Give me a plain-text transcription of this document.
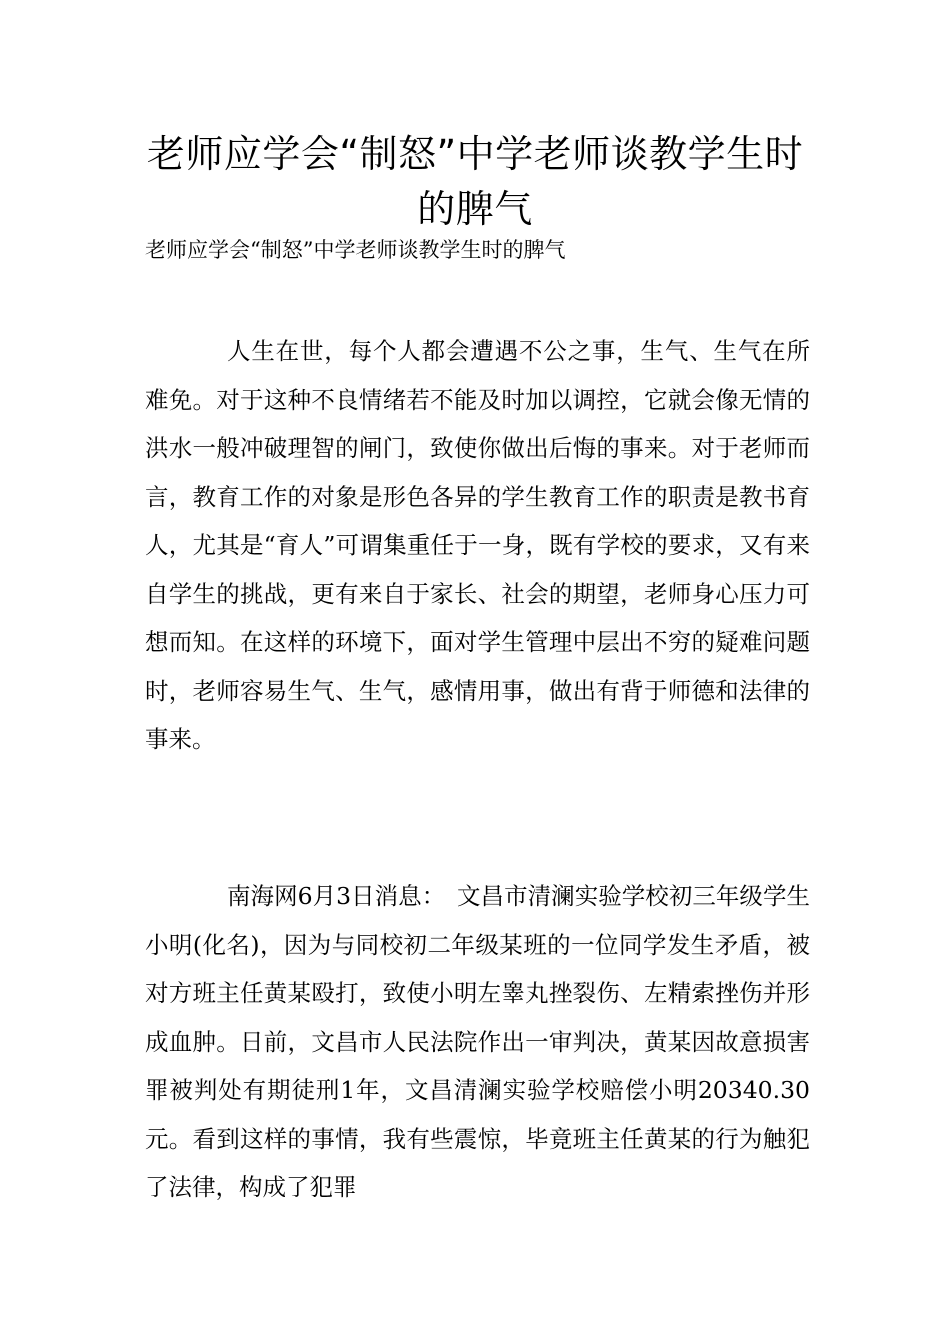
老师应学会“制怒”中学老师谈教学生时的脾气

老师应学会“制怒”中学老师谈教学生时的脾气

人生在世，每个人都会遭遇不公之事，生气、生气在所难免。对于这种不良情绪若不能及时加以调控，它就会像无情的洪水一般冲破理智的闸门，致使你做出后悔的事来。对于老师而言，教育工作的对象是形色各异的学生教育工作的职责是教书育人，尤其是“育人”可谓集重任于一身，既有学校的要求，又有来自学生的挑战，更有来自于家长、社会的期望，老师身心压力可想而知。在这样的环境下，面对学生管理中层出不穷的疑难问题时，老师容易生气、生气，感情用事，做出有背于师德和法律的事来。

南海网6月3日消息：　文昌市清澜实验学校初三年级学生小明(化名)，因为与同校初二年级某班的一位同学发生矛盾，被对方班主任黄某殴打，致使小明左睾丸挫裂伤、左精索挫伤并形成血肿。日前，文昌市人民法院作出一审判决，黄某因故意损害罪被判处有期徒刑1年，文昌清澜实验学校赔偿小明20340.30元。看到这样的事情，我有些震惊，毕竟班主任黄某的行为触犯了法律，构成了犯罪
